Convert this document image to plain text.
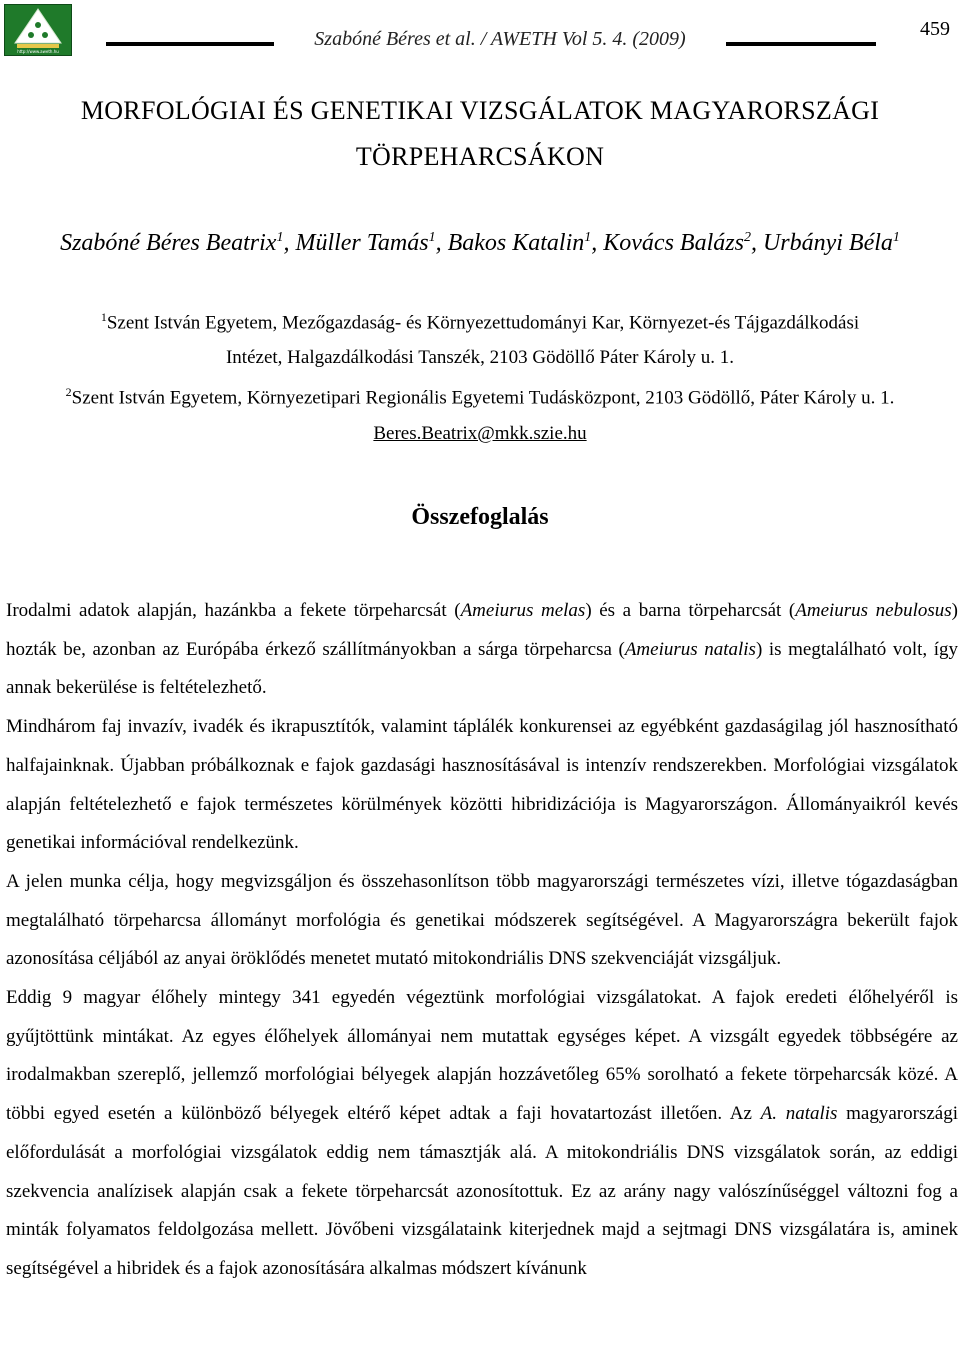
http://www.aweth.hu
Szabóné Béres et al. / AWETH Vol 5. 4. (2009)	459
MORFOLÓGIAI ÉS GENETIKAI VIZSGÁLATOK MAGYARORSZÁGI
TÖRPEHARCSÁKON
Szabóné Béres Beatrix$^1$, Müller Tamás$^1$, Bakos Katalin$^1$, Kovács Balázs$^2$, Urbányi Béla$^1$
$^1$Szent István Egyetem, Mezőgazdaság- és Környezettudományi Kar, Környezet-és Tájgazdálkodási
Intézet, Halgazdálkodási Tanszék, 2103 Gödöllő Páter Károly u. 1.
$^2$Szent István Egyetem, Környezetipari Regionális Egyetemi Tudásközpont, 2103 Gödöllő, Páter Károly u. 1.
Beres.Beatrix@mkk.szie.hu
Összefoglalás

Irodalmi adatok alapján, hazánkba a fekete törpeharcsát (Ameiurus melas) és a barna törpeharcsát (Ameiurus nebulosus) hozták be, azonban az Európába érkező szállítmányokban a sárga törpeharcsa (Ameiurus natalis) is megtalálható volt, így annak bekerülése is feltételezhető.

Mindhárom faj invazív, ivadék és ikrapusztítók, valamint táplálék konkurensei az egyébként gazdaságilag jól hasznosítható halfajainknak. Újabban próbálkoznak e fajok gazdasági hasznosításával is intenzív rendszerekben. Morfológiai vizsgálatok alapján feltételezhető e fajok természetes körülmények közötti hibridizációja is Magyarországon. Állományaikról kevés genetikai információval rendelkezünk.

A jelen munka célja, hogy megvizsgáljon és összehasonlítson több magyarországi természetes vízi, illetve tógazdaságban megtalálható törpeharcsa állományt morfológia és genetikai módszerek segítségével. A Magyarországra bekerült fajok azonosítása céljából az anyai öröklődés menetet mutató mitokondriális DNS szekvenciáját vizsgáljuk.

Eddig 9 magyar élőhely mintegy 341 egyedén végeztünk morfológiai vizsgálatokat. A fajok eredeti élőhelyéről is gyűjtöttünk mintákat. Az egyes élőhelyek állományai nem mutattak egységes képet. A vizsgált egyedek többségére az irodalmakban szereplő, jellemző morfológiai bélyegek alapján hozzávetőleg 65% sorolható a fekete törpeharcsák közé. A többi egyed esetén a különböző bélyegek eltérő képet adtak a faji hovatartozást illetően. Az A. natalis magyarországi előfordulását a morfológiai vizsgálatok eddig nem támasztják alá. A mitokondriális DNS vizsgálatok során, az eddigi szekvencia analízisek alapján csak a fekete törpeharcsát azonosítottuk. Ez az arány nagy valószínűséggel változni fog a minták folyamatos feldolgozása mellett. Jövőbeni vizsgálataink kiterjednek majd a sejtmagi DNS vizsgálatára is, aminek segítségével a hibridek és a fajok azonosítására alkalmas módszert kívánunk
